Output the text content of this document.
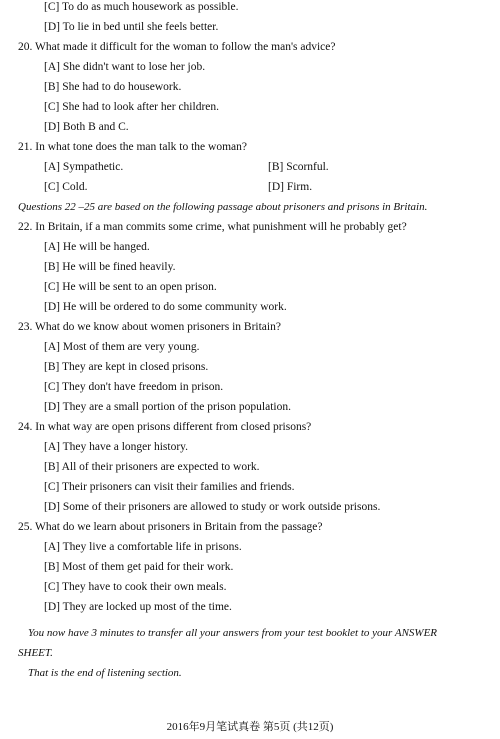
[C] To do as much housework as possible.
[D] To lie in bed until she feels better.
20. What made it difficult for the woman to follow the man's advice?
[A] She didn't want to lose her job.
[B] She had to do housework.
[C] She had to look after her children.
[D] Both B and C.
21. In what tone does the man talk to the woman?
[A] Sympathetic.	[B] Scornful.
[C] Cold.	[D] Firm.
Questions 22 –25 are based on the following passage about prisoners and prisons in Britain.
22. In Britain, if a man commits some crime, what punishment will he probably get?
[A] He will be hanged.
[B] He will be fined heavily.
[C] He will be sent to an open prison.
[D] He will be ordered to do some community work.
23. What do we know about women prisoners in Britain?
[A] Most of them are very young.
[B] They are kept in closed prisons.
[C] They don't have freedom in prison.
[D] They are a small portion of the prison population.
24. In what way are open prisons different from closed prisons?
[A] They have a longer history.
[B] All of their prisoners are expected to work.
[C] Their prisoners can visit their families and friends.
[D] Some of their prisoners are allowed to study or work outside prisons.
25. What do we learn about prisoners in Britain from the passage?
[A] They live a comfortable life in prisons.
[B] Most of them get paid for their work.
[C] They have to cook their own meals.
[D] They are locked up most of the time.
You now have 3 minutes to transfer all your answers from your test booklet to your ANSWER
SHEET.
That is the end of listening section.
2016年9月笔试真卷 第5页 (共12页)
